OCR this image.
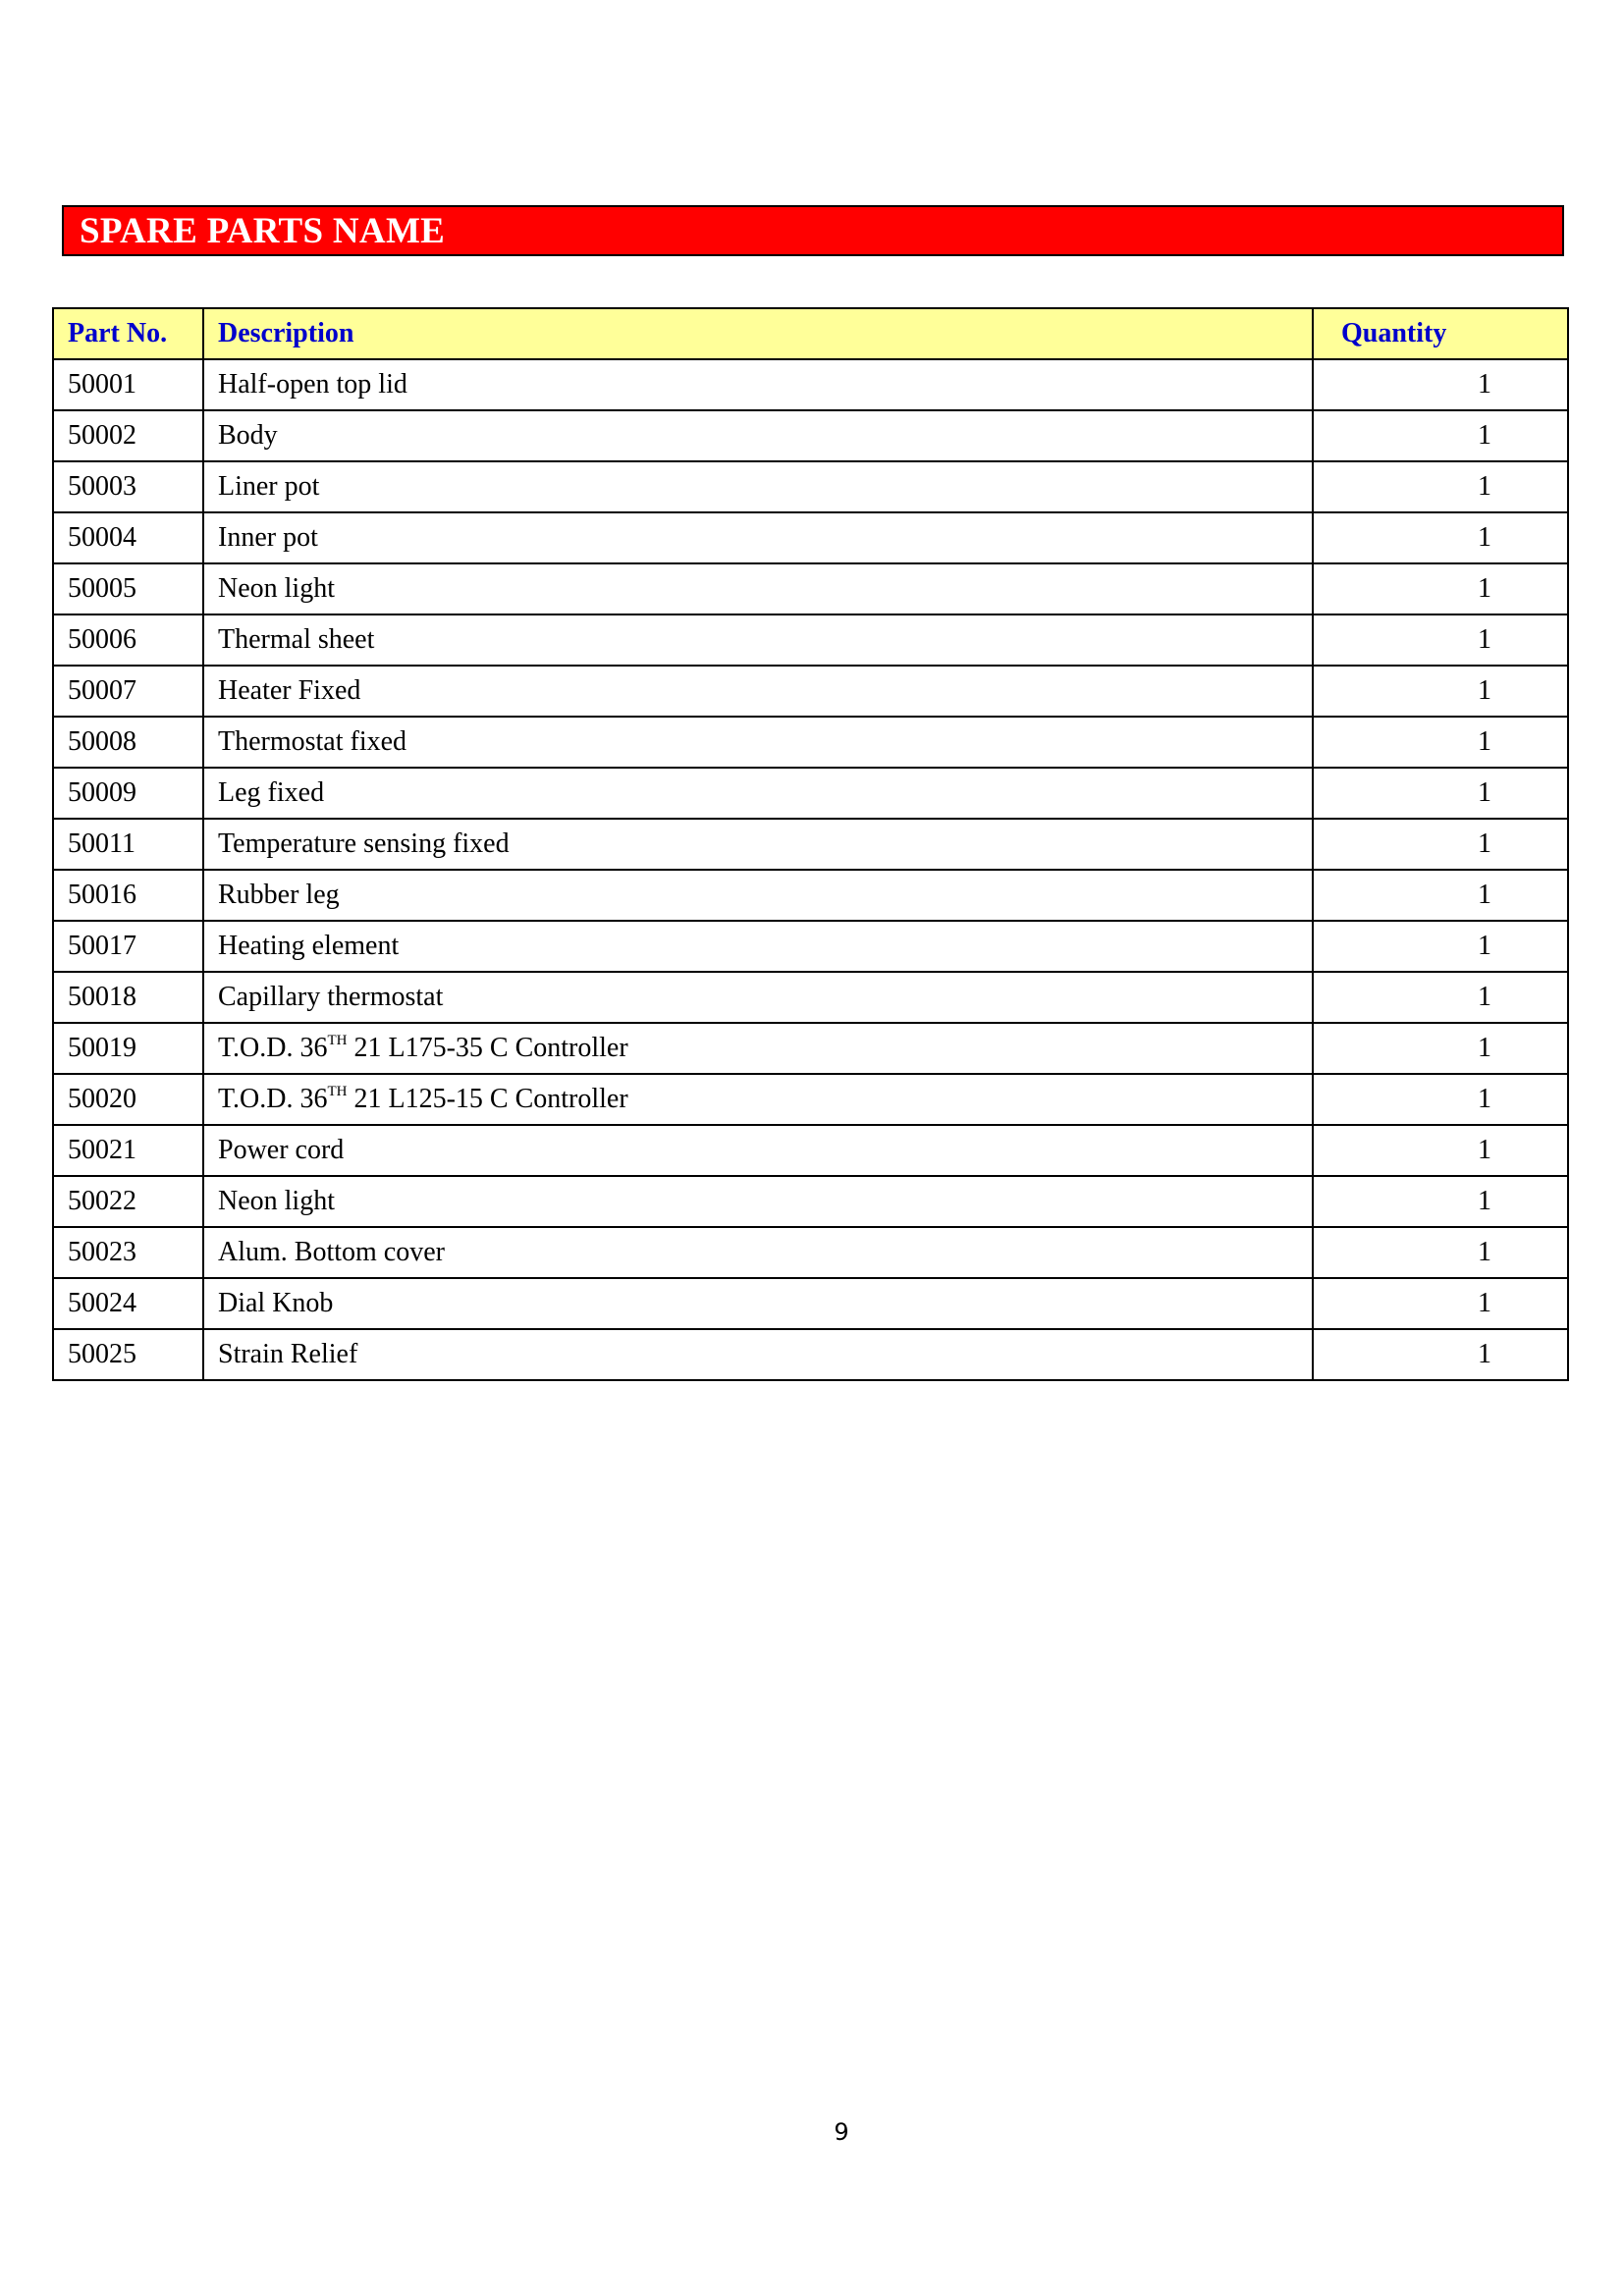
SPARE PARTS NAME
Part No.	Description	Quantity
50001	Half-open top lid	1
50002	Body	1
50003	Liner pot	1
50004	Inner pot	1
50005	Neon light	1
50006	Thermal sheet	1
50007	Heater Fixed	1
50008	Thermostat fixed	1
50009	Leg fixed	1
50011	Temperature sensing fixed	1
50016	Rubber leg	1
50017	Heating element	1
50018	Capillary thermostat	1
50019	T.O.D. 36TH 21 L175-35 C Controller	1
50020	T.O.D. 36TH 21 L125-15 C Controller	1
50021	Power cord	1
50022	Neon light	1
50023	Alum. Bottom cover	1
50024	Dial Knob	1
50025	Strain Relief	1
9
